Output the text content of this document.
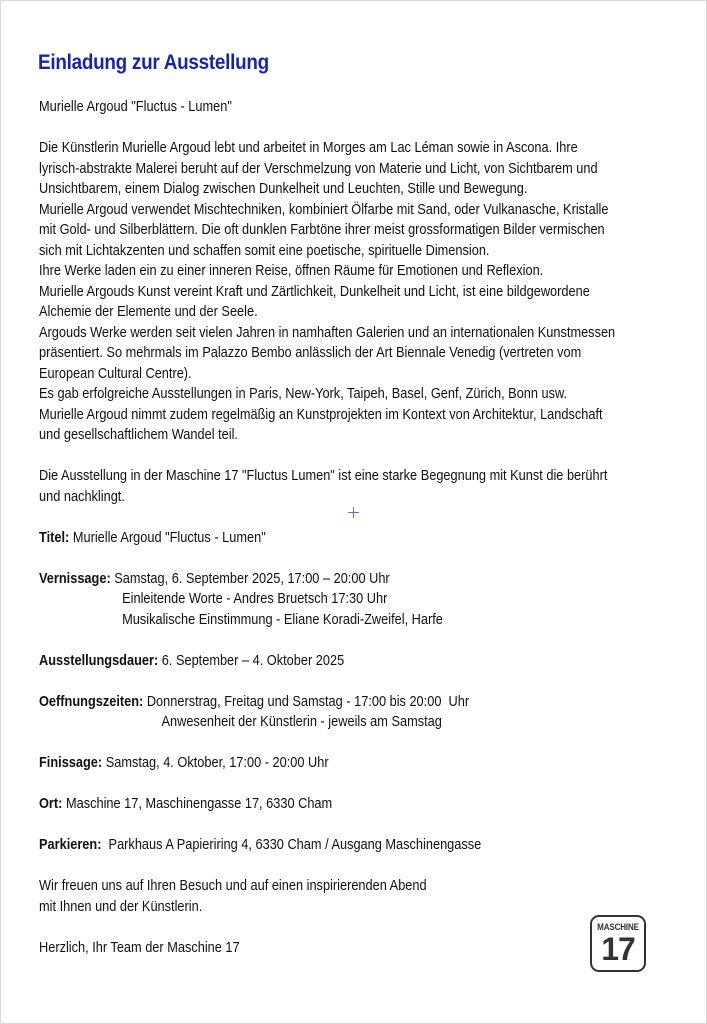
Einladung zur Ausstellung

Murielle Argoud "Fluctus - Lumen"

Die Künstlerin Murielle Argoud lebt und arbeitet in Morges am Lac Léman sowie in Ascona. Ihre

lyrisch-abstrakte Malerei beruht auf der Verschmelzung von Materie und Licht, von Sichtbarem und

Unsichtbarem, einem Dialog zwischen Dunkelheit und Leuchten, Stille und Bewegung.

Murielle Argoud verwendet Mischtechniken, kombiniert Ölfarbe mit Sand, oder Vulkanasche, Kristalle

mit Gold- und Silberblättern. Die oft dunklen Farbtöne ihrer meist grossformatigen Bilder vermischen

sich mit Lichtakzenten und schaffen somit eine poetische, spirituelle Dimension.

Ihre Werke laden ein zu einer inneren Reise, öffnen Räume für Emotionen und Reflexion.

Murielle Argouds Kunst vereint Kraft und Zärtlichkeit, Dunkelheit und Licht, ist eine bildgewordene

Alchemie der Elemente und der Seele.

Argouds Werke werden seit vielen Jahren in namhaften Galerien und an internationalen Kunstmessen

präsentiert. So mehrmals im Palazzo Bembo anlässlich der Art Biennale Venedig (vertreten vom

European Cultural Centre).

Es gab erfolgreiche Ausstellungen in Paris, New-York, Taipeh, Basel, Genf, Zürich, Bonn usw.

Murielle Argoud nimmt zudem regelmäßig an Kunstprojekten im Kontext von Architektur, Landschaft

und gesellschaftlichem Wandel teil.

Die Ausstellung in der Maschine 17 "Fluctus Lumen" ist eine starke Begegnung mit Kunst die berührt

und nachklingt.

Titel: Murielle Argoud "Fluctus - Lumen"

Vernissage: Samstag, 6. September 2025, 17:00 – 20:00 Uhr

Einleitende Worte - Andres Bruetsch 17:30 Uhr

Musikalische Einstimmung - Eliane Koradi-Zweifel, Harfe

Ausstellungsdauer: 6. September – 4. Oktober 2025

Oeffnungszeiten: Donnerstrag, Freitag und Samstag - 17:00 bis 20:00  Uhr

Anwesenheit der Künstlerin - jeweils am Samstag

Finissage: Samstag, 4. Oktober, 17:00 - 20:00 Uhr

Ort: Maschine 17, Maschinengasse 17, 6330 Cham

Parkieren:  Parkhaus A Papieriring 4, 6330 Cham / Ausgang Maschinengasse

Wir freuen uns auf Ihren Besuch und auf einen inspirierenden Abend

mit Ihnen und der Künstlerin.

Herzlich, Ihr Team der Maschine 17

MASCHINE
17
